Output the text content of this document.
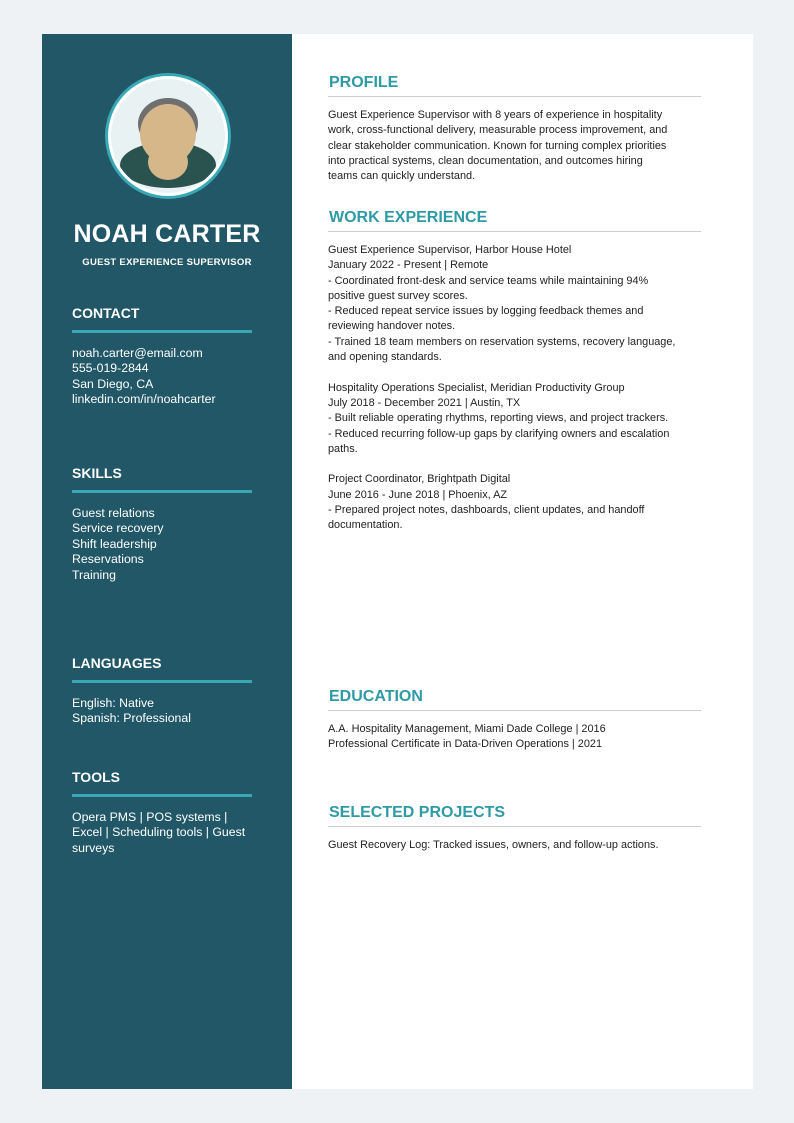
NOAH CARTER
GUEST EXPERIENCE SUPERVISOR
CONTACT
noah.carter@email.com
555-019-2844
San Diego, CA
linkedin.com/in/noahcarter
SKILLS
Guest relations
Service recovery
Shift leadership
Reservations
Training
LANGUAGES
English: Native
Spanish: Professional
TOOLS
Opera PMS | POS systems | Excel | Scheduling tools | Guest surveys
PROFILE
Guest Experience Supervisor with 8 years of experience in hospitality
work, cross-functional delivery, measurable process improvement, and
clear stakeholder communication. Known for turning complex priorities
into practical systems, clean documentation, and outcomes hiring
teams can quickly understand.
WORK EXPERIENCE
Guest Experience Supervisor, Harbor House Hotel
January 2022 - Present | Remote
- Coordinated front-desk and service teams while maintaining 94%
positive guest survey scores.
- Reduced repeat service issues by logging feedback themes and
reviewing handover notes.
- Trained 18 team members on reservation systems, recovery language,
and opening standards.
Hospitality Operations Specialist, Meridian Productivity Group
July 2018 - December 2021 | Austin, TX
- Built reliable operating rhythms, reporting views, and project trackers.
- Reduced recurring follow-up gaps by clarifying owners and escalation
paths.
Project Coordinator, Brightpath Digital
June 2016 - June 2018 | Phoenix, AZ
- Prepared project notes, dashboards, client updates, and handoff
documentation.
EDUCATION
A.A. Hospitality Management, Miami Dade College | 2016
Professional Certificate in Data-Driven Operations | 2021
SELECTED PROJECTS
Guest Recovery Log: Tracked issues, owners, and follow-up actions.
